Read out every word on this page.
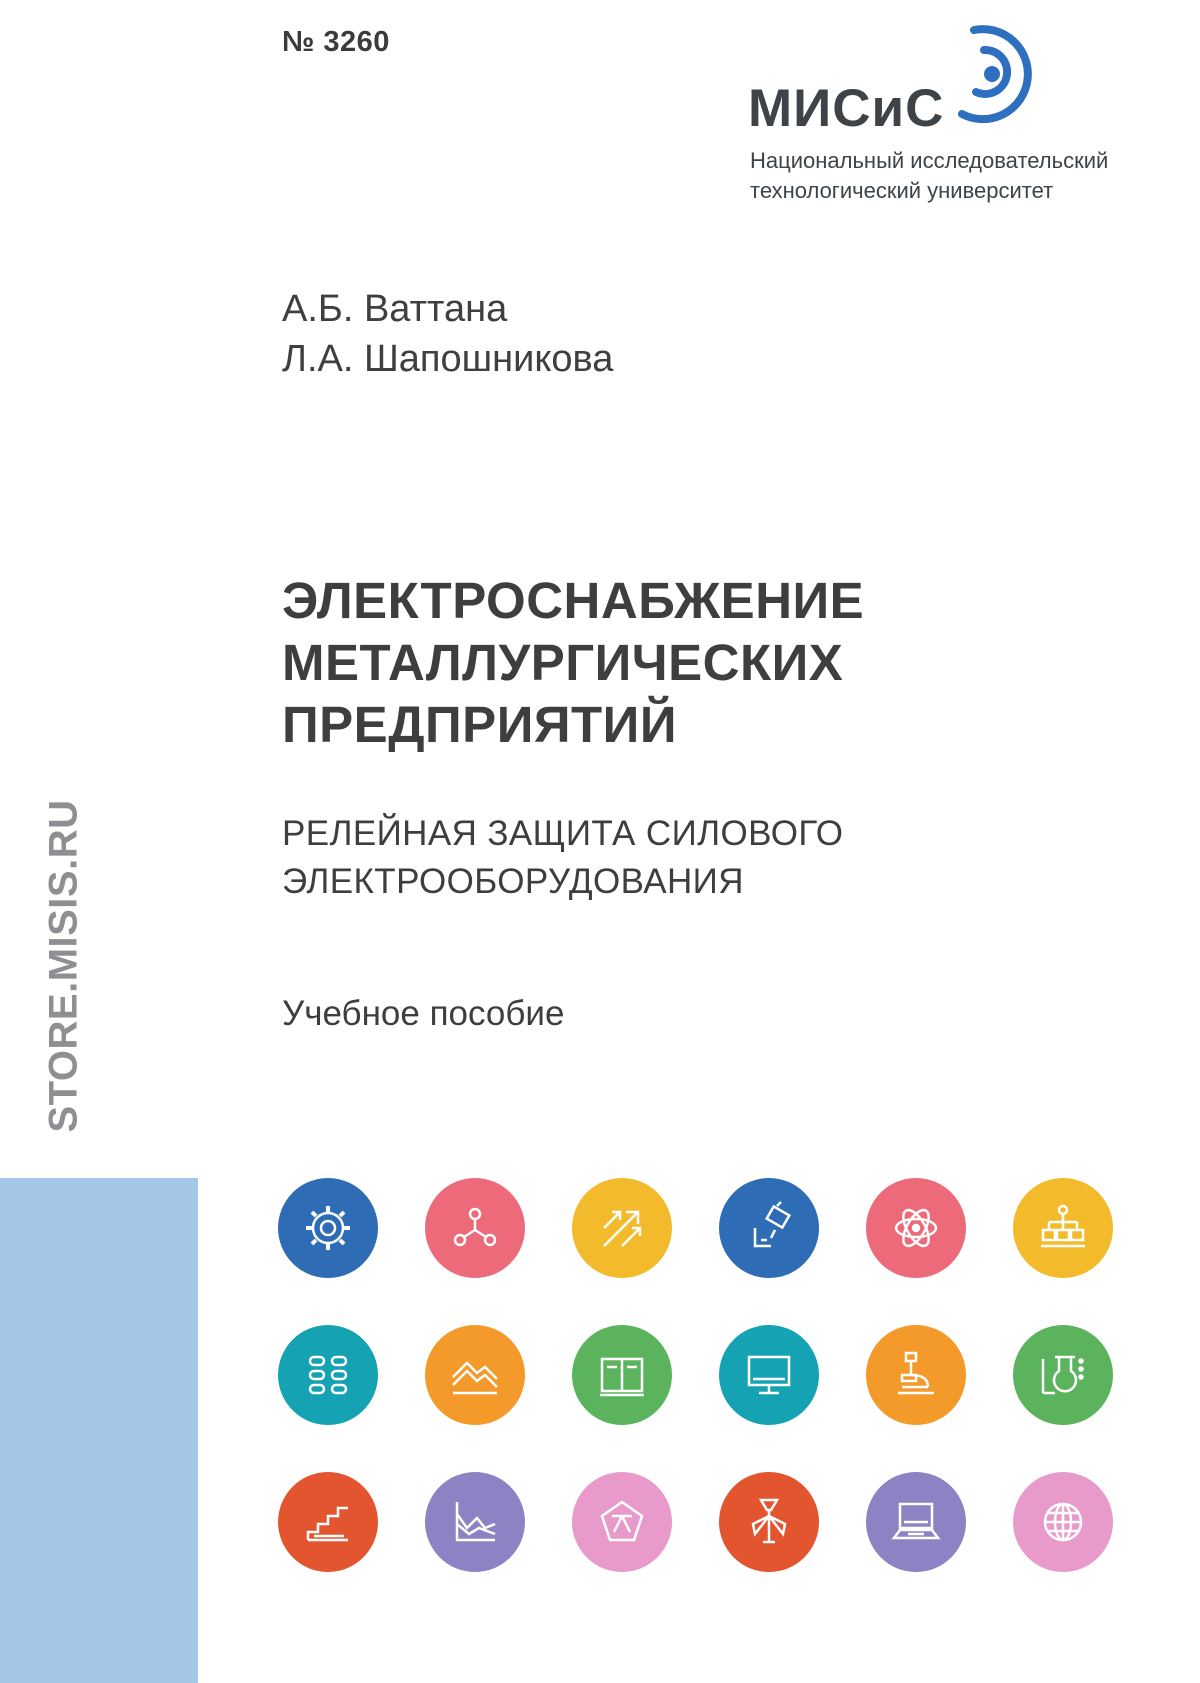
№ 3260
МИСиС
Национальный исследовательский
технологический университет
А.Б. Ваттана
Л.А. Шапошникова
ЭЛЕКТРОСНАБЖЕНИЕ
МЕТАЛЛУРГИЧЕСКИХ
ПРЕДПРИЯТИЙ
РЕЛЕЙНАЯ ЗАЩИТА СИЛОВОГО
ЭЛЕКТРООБОРУДОВАНИЯ
Учебное пособие
STORE.MISIS.RU
